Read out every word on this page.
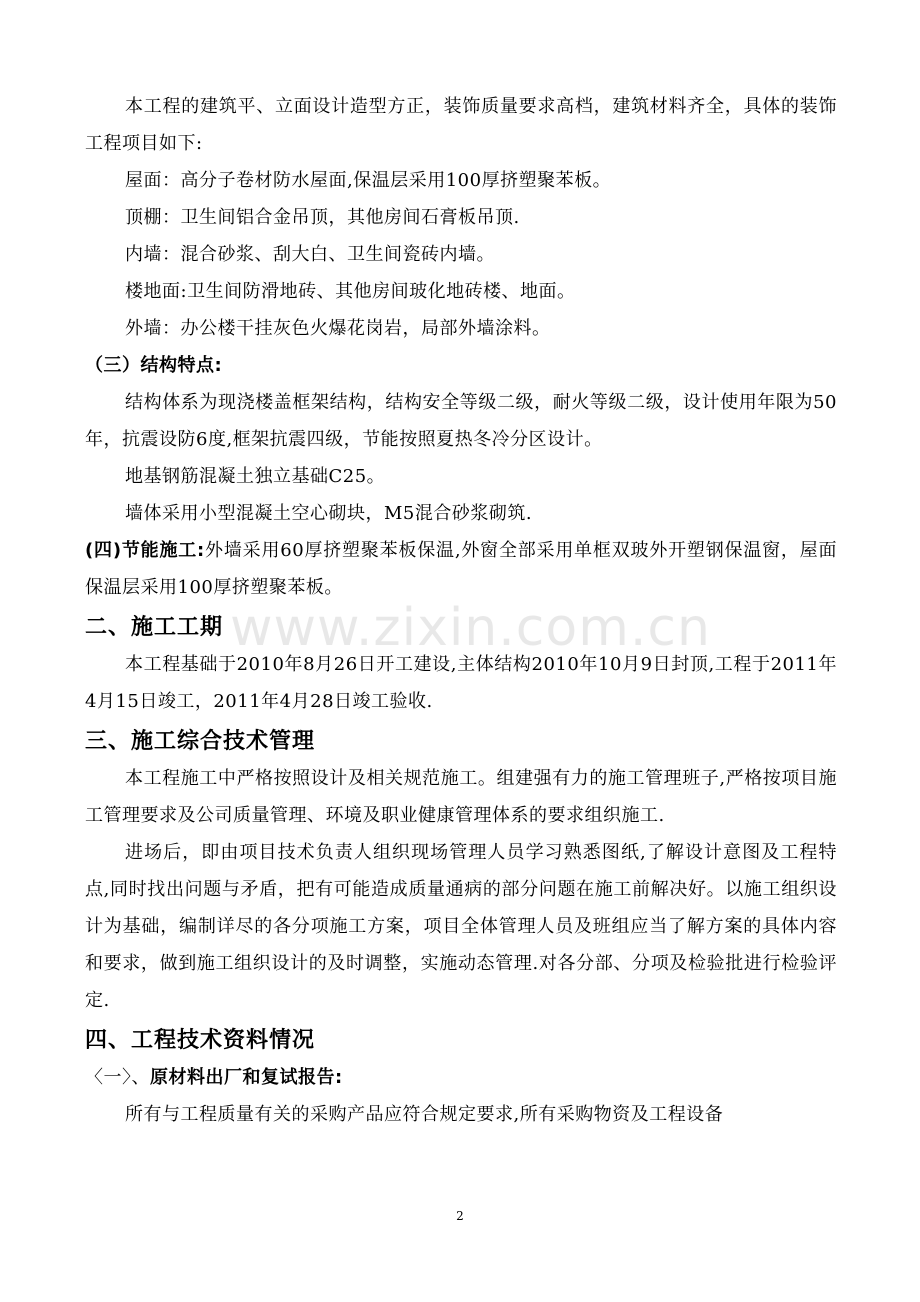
本工程的建筑平、立面设计造型方正，装饰质量要求高档，建筑材料齐全，具体的装饰工程项目如下:

屋面：高分子卷材防水屋面,保温层采用100厚挤塑聚苯板。

顶棚：卫生间铝合金吊顶，其他房间石膏板吊顶.

内墙：混合砂浆、刮大白、卫生间瓷砖内墙。

楼地面:卫生间防滑地砖、其他房间玻化地砖楼、地面。

外墙：办公楼干挂灰色火爆花岗岩，局部外墙涂料。

（三）结构特点:

结构体系为现浇楼盖框架结构，结构安全等级二级，耐火等级二级，设计使用年限为50年，抗震设防6度,框架抗震四级，节能按照夏热冬冷分区设计。

地基钢筋混凝土独立基础C25。

墙体采用小型混凝土空心砌块，M5混合砂浆砌筑.

(四)节能施工:外墙采用60厚挤塑聚苯板保温,外窗全部采用单框双玻外开塑钢保温窗，屋面保温层采用100厚挤塑聚苯板。

二、施工工期

本工程基础于2010年8月26日开工建设,主体结构2010年10月9日封顶,工程于2011年4月15日竣工，2011年4月28日竣工验收.

三、施工综合技术管理

本工程施工中严格按照设计及相关规范施工。组建强有力的施工管理班子,严格按项目施工管理要求及公司质量管理、环境及职业健康管理体系的要求组织施工.

进场后，即由项目技术负责人组织现场管理人员学习熟悉图纸,了解设计意图及工程特点,同时找出问题与矛盾，把有可能造成质量通病的部分问题在施工前解决好。以施工组织设计为基础，编制详尽的各分项施工方案，项目全体管理人员及班组应当了解方案的具体内容和要求，做到施工组织设计的及时调整，实施动态管理.对各分部、分项及检验批进行检验评定.

四、工程技术资料情况

〈一〉、原材料出厂和复试报告:

所有与工程质量有关的采购产品应符合规定要求,所有采购物资及工程设备

www.zixin.com.cn
2
